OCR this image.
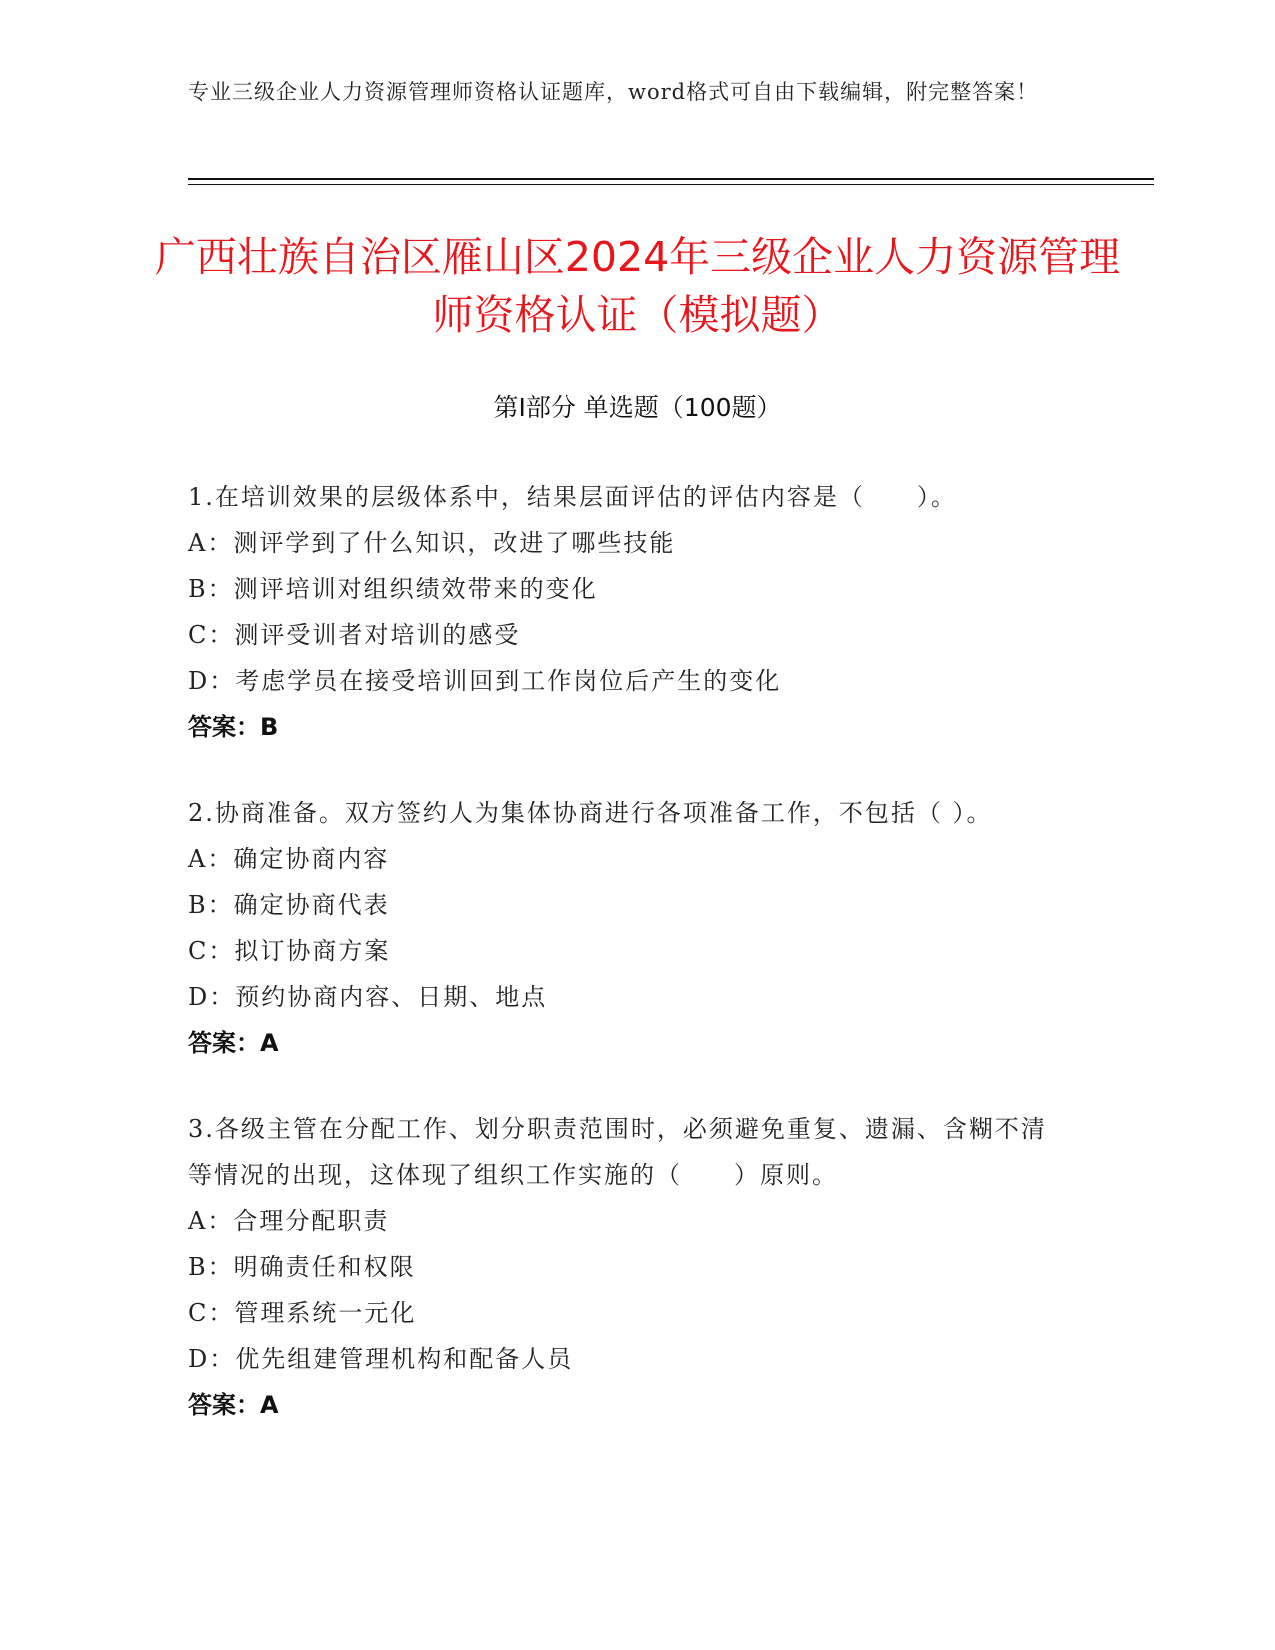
专业三级企业人力资源管理师资格认证题库，word格式可自由下载编辑，附完整答案！
广西壮族自治区雁山区2024年三级企业人力资源管理师资格认证（模拟题）
第I部分 单选题（100题）
1.在培训效果的层级体系中，结果层面评估的评估内容是（　　）。
A：测评学到了什么知识，改进了哪些技能
B：测评培训对组织绩效带来的变化
C：测评受训者对培训的感受
D：考虑学员在接受培训回到工作岗位后产生的变化
答案：B
2.协商准备。双方签约人为集体协商进行各项准备工作，不包括（ ）。
A：确定协商内容
B：确定协商代表
C：拟订协商方案
D：预约协商内容、日期、地点
答案：A
3.各级主管在分配工作、划分职责范围时，必须避免重复、遗漏、含糊不清等情况的出现，这体现了组织工作实施的（　　）原则。
A：合理分配职责
B：明确责任和权限
C：管理系统一元化
D：优先组建管理机构和配备人员
答案：A
